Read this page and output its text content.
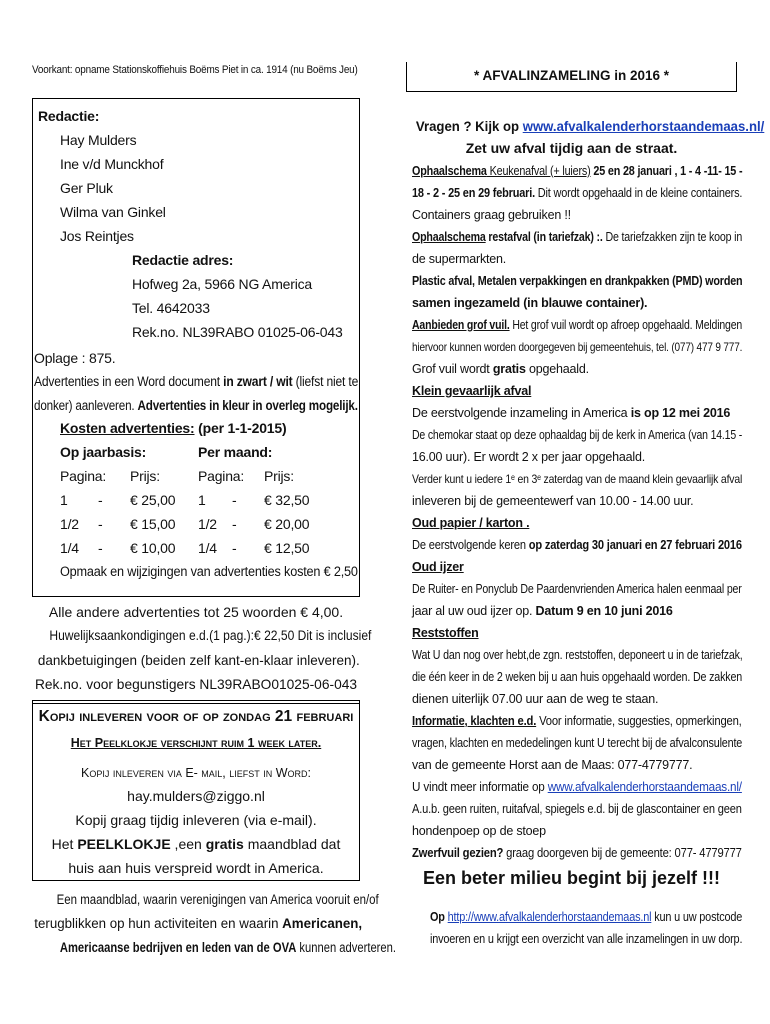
Voorkant: opname Stationskoffiehuis Boëms Piet in ca. 1914 (nu Boëms Jeu)
Redactie:
Hay Mulders
Ine v/d Munckhof
Ger Pluk
Wilma van Ginkel
Jos Reintjes
Redactie adres:
Hofweg 2a, 5966 NG America
Tel. 4642033
Rek.no. NL39RABO 01025-06-043
Oplage : 875.
Advertenties in een Word document in zwart / wit (liefst niet te
donker) aanleveren. Advertenties in kleur in overleg mogelijk.
Kosten advertenties: (per 1-1-2015)
Op jaarbasis:	Per maand:
Pagina: Prijs:	Pagina: Prijs:
1 - € 25,00 1 - € 32,50
1/2 - € 15,00 1/2 - € 20,00
1/4 - € 10,00 1/4 - € 12,50
Opmaak en wijzigingen van advertenties kosten € 2,50
Alle andere advertenties tot 25 woorden € 4,00.
Huwelijksaankondigingen e.d.(1 pag.):€ 22,50 Dit is inclusief
dankbetuigingen (beiden zelf kant-en-klaar inleveren).
Rek.no. voor begunstigers NL39RABO01025-06-043
Kopij inleveren voor of op zondag 21 februari
Het Peelklokje verschijnt ruim 1 week later.
Kopij inleveren via E- mail, liefst in Word:
hay.mulders@ziggo.nl
Kopij graag tijdig inleveren (via e-mail).
Het PEELKLOKJE ,een gratis maandblad dat
huis aan huis verspreid wordt in America.
Een maandblad, waarin verenigingen van America vooruit en/of
terugblikken op hun activiteiten en waarin Americanen,
Americaanse bedrijven en leden van de OVA kunnen adverteren.
* AFVALINZAMELING in 2016 *
Vragen ? Kijk op www.afvalkalenderhorstaandemaas.nl/
Zet uw afval tijdig aan de straat.
Ophaalschema Keukenafval (+ luiers) 25 en 28 januari , 1 - 4 -11- 15 -
18 - 2 - 25 en 29 februari. Dit wordt opgehaald in de kleine containers.
Containers graag gebruiken !!
Ophaalschema restafval (in tariefzak) :. De tariefzakken zijn te koop in
de supermarkten.
Plastic afval, Metalen verpakkingen en drankpakken (PMD) worden
samen ingezameld (in blauwe container).
Aanbieden grof vuil. Het grof vuil wordt op afroep opgehaald. Meldingen
hiervoor kunnen worden doorgegeven bij gemeentehuis, tel. (077) 477 9 777.
Grof vuil wordt gratis opgehaald.
Klein gevaarlijk afval
De eerstvolgende inzameling in America is op 12 mei 2016
De chemokar staat op deze ophaaldag bij de kerk in America (van 14.15 -
16.00 uur). Er wordt 2 x per jaar opgehaald.
Verder kunt u iedere 1ᵉ en 3ᵉ zaterdag van de maand klein gevaarlijk afval
inleveren bij de gemeentewerf van 10.00 - 14.00 uur.
Oud papier / karton .
De eerstvolgende keren op zaterdag 30 januari en 27 februari 2016
Oud ijzer
De Ruiter- en Ponyclub De Paardenvrienden America halen eenmaal per
jaar al uw oud ijzer op. Datum 9 en 10 juni 2016
Reststoffen
Wat U dan nog over hebt,de zgn. reststoffen, deponeert u in de tariefzak,
die één keer in de 2 weken bij u aan huis opgehaald worden. De zakken
dienen uiterlijk 07.00 uur aan de weg te staan.
Informatie, klachten e.d. Voor informatie, suggesties, opmerkingen,
vragen, klachten en mededelingen kunt U terecht bij de afvalconsulente
van de gemeente Horst aan de Maas: 077-4779777.
U vindt meer informatie op www.afvalkalenderhorstaandemaas.nl/
A.u.b. geen ruiten, ruitafval, spiegels e.d. bij de glascontainer en geen
hondenpoep op de stoep
Zwerfvuil gezien? graag doorgeven bij de gemeente: 077- 4779777
Een beter milieu begint bij jezelf !!!
Op http://www.afvalkalenderhorstaandemaas.nl kun u uw postcode
invoeren en u krijgt een overzicht van alle inzamelingen in uw dorp.
